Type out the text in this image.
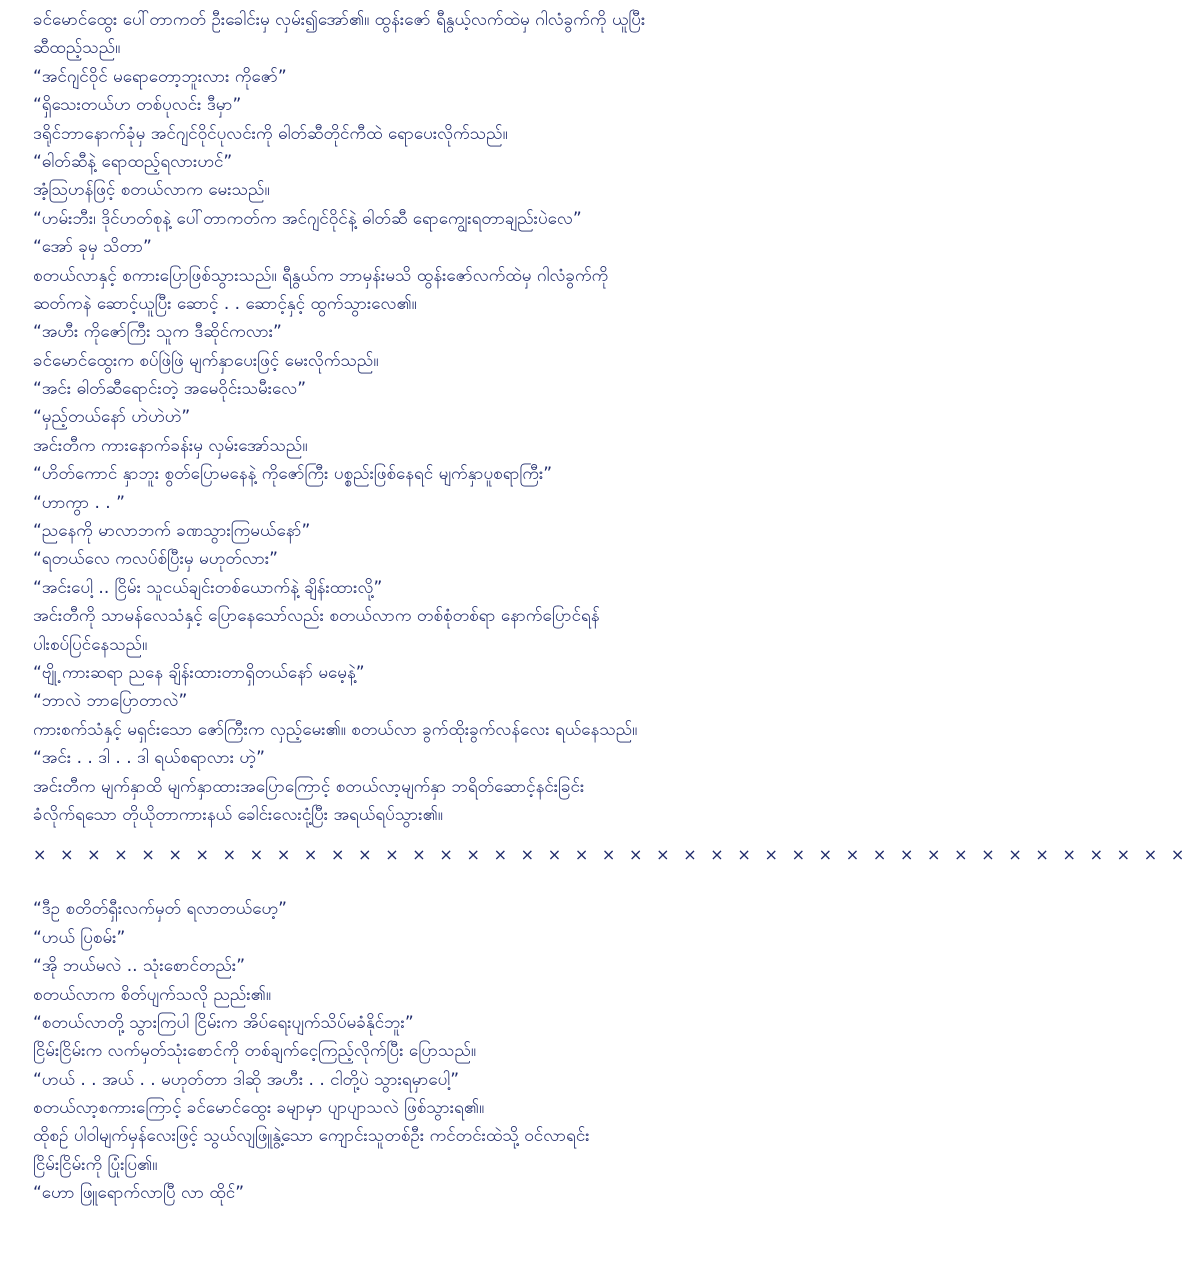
ခင်မောင်ထွေး ပေါ်တာကတ် ဦးခေါင်းမှ လှမ်း၍အော်၏။ ထွန်းဇော် ရီနွယ့်လက်ထဲမှ ဂါလံခွက်ကို ယူပြီး
ဆီထည့်သည်။
“အင်ဂျင်ဝိုင် မရောတော့ဘူးလား ကိုဇော်”
“ရှိသေးတယ်ဟ တစ်ပုလင်း ဒီမှာ”
ဒရိုင်ဘာနောက်ခုံမှ အင်ဂျင်ဝိုင်ပုလင်းကို ဓါတ်ဆီတိုင်ကီထဲ ရောပေးလိုက်သည်။
“ဓါတ်ဆီနဲ့ ရောထည့်ရလားဟင်”
အံ့ဩဟန်ဖြင့် စတယ်လာက မေးသည်။
“ဟမ်းဘီး၊ ဒိုင်ဟတ်စုနဲ့ ပေါ်တာကတ်က အင်ဂျင်ဝိုင်နဲ့ ဓါတ်ဆီ ရောကျွေးရတာချည်းပဲလေ”
“အော် ခုမှ သိတာ”
စတယ်လာနှင့် စကားပြော‌ဖြစ်သွားသည်။ ရီနွယ်က ဘာမှန်းမသိ ထွန်းဇော်လက်ထဲမှ ဂါလံခွက်ကို
ဆတ်ကနဲ ဆောင့်ယူပြီး ဆောင့် . . ဆောင့်နှင့် ထွက်သွားလေ၏။
“အဟီး ကိုဇော်ကြီး သူက ဒီဆိုင်ကလား”
ခင်မောင်ထွေးက စပ်ဖြဲဖြဲ မျက်နှာပေးဖြင့် မေးလိုက်သည်။
“အင်း ဓါတ်ဆီရောင်းတဲ့ အမေဝိုင်းသမီးလေ”
“မှည့်တယ်နော် ဟဲဟဲဟဲ”
အင်းတီက ကားနောက်ခန်းမှ လှမ်းအော်သည်။
“ဟိတ်ကောင် နှာဘူး စွတ်ပြောမနေနဲ့ ကိုဇော်ကြီး ပစ္စည်းဖြစ်နေရင် မျက်နှာပူစရာကြီး”
“ဟာကွာ . . ”
“ညနေကို မာလာဘက် ခဏသွားကြမယ်နော်”
“ရတယ်လေ ကလပ်စ်ပြီးမှ မဟုတ်လား”
“အင်းပေါ့ .. ငြိမ်း သူငယ်ချင်းတစ်ယောက်နဲ့ ချိန်းထားလို့”
အင်းတီကို သာမန်လေသံနှင့် ပြောနေသော်လည်း စတယ်လာက တစ်စုံတစ်ရာ နောက်ပြောင်ရန်
ပါးစပ်ပြင်နေသည်။
“ဗျို့ ကားဆရာ ညနေ ချိန်းထားတာရှိတယ်နော် မမေ့နဲ့”
“ဘာလဲ ဘာပြောတာလဲ”
ကားစက်သံနှင့် မရှင်းသော ဇော်ကြီးက လှည့်မေး၏။ စတယ်လာ ခွက်ထိုးခွက်လန်လေး ရယ်နေသည်။
“အင်း . . ဒါ . . ဒါ ရယ်စရာလား ဟဲ့”
အင်းတီက မျက်နှာထိ မျက်နှာထားအပြောကြောင့် စတယ်လာ့မျက်နှာ ဘရိတ်ဆောင့်နင်းခြင်း
ခံလိုက်ရသော တိုယိုတာကားနယ် ခေါင်းလေးငုံ့ပြီး အရယ်ရပ်သွား၏။
× × × × × × × × × × × × × × × × × × × × × × × × × × × × × × × × × × × × × × × × × × ×
“ဒီဥ စတိတ်ရှီးလက်မှတ် ရလာတယ်ဟေ့”
“ဟယ် ပြစမ်း”
“အို ဘယ်မလဲ .. သုံးစောင်တည်း”
စတယ်လာက စိတ်ပျက်သလို ညည်း၏။
“စတယ်လာတို့ သွားကြပါ ငြိမ်းက အိပ်ရေးပျက်သိပ်မခံနိုင်ဘူး”
ငြိမ်းငြိမ်းက လက်မှတ်သုံးစောင်ကို တစ်ချက်ငေ့ကြည့်လိုက်ပြီး ပြောသည်။
“ဟယ် . . အယ် . . မဟုတ်တာ ဒါဆို အဟီး . . ငါတို့ပဲ သွားရမှာပေါ့”
စတယ်လာ့စကားကြောင့် ခင်မောင်ထွေး ခမျာမှာ ပျာပျာသလဲ ဖြစ်သွားရ၏။
ထိုစဉ် ပါဝါမျက်မှန်လေးဖြင့် သွယ်လျဖြူနွဲ့သော ကျောင်းသူတစ်ဦး ကင်တင်းထဲသို့ ဝင်လာရင်း
ငြိမ်းငြိမ်းကို ပြုံးပြ၏။
“ဟော ဖြူရောက်လာပြီ လာ ထိုင်”
